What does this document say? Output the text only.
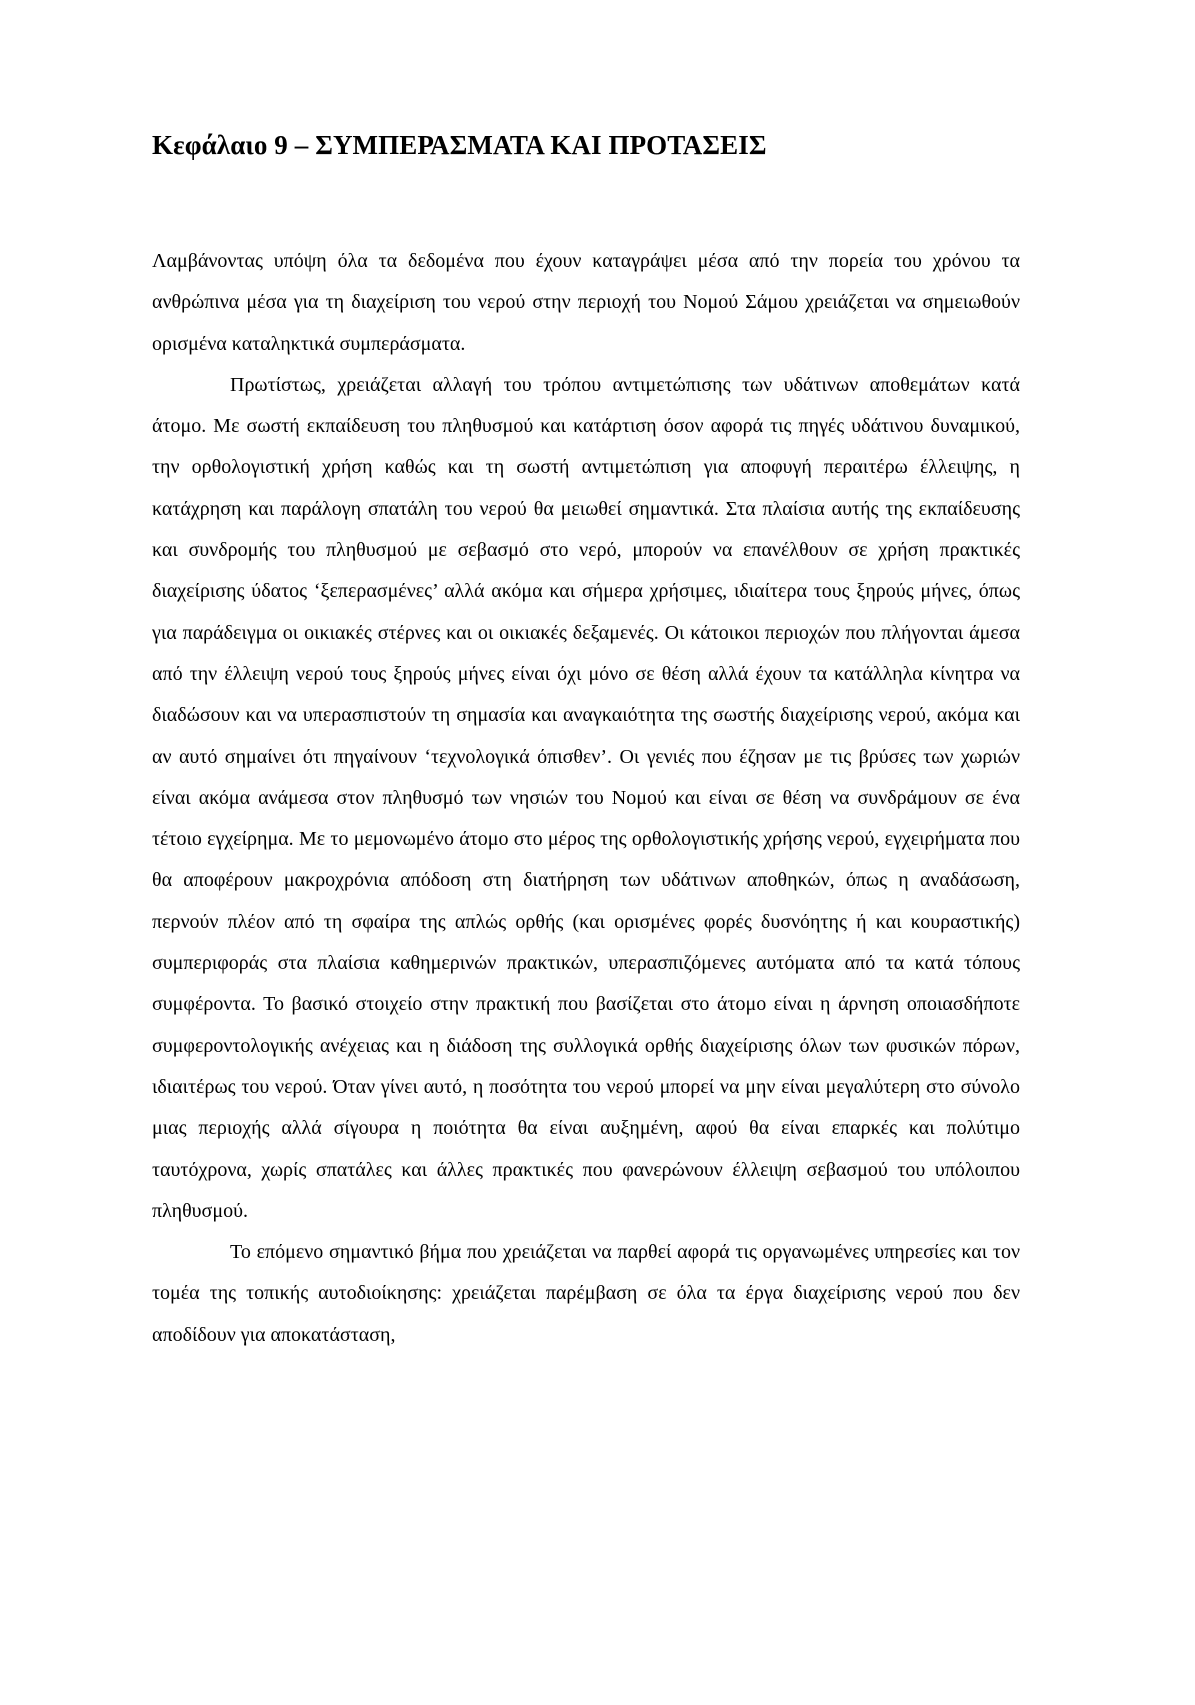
Κεφάλαιο 9 – ΣΥΜΠΕΡΑΣΜΑΤΑ ΚΑΙ ΠΡΟΤΑΣΕΙΣ

Λαμβάνοντας υπόψη όλα τα δεδομένα που έχουν καταγράψει μέσα από την πορεία του χρόνου τα ανθρώπινα μέσα για τη διαχείριση του νερού στην περιοχή του Νομού Σάμου χρειάζεται να σημειωθούν ορισμένα καταληκτικά συμπεράσματα.

Πρωτίστως, χρειάζεται αλλαγή του τρόπου αντιμετώπισης των υδάτινων αποθεμάτων κατά άτομο. Με σωστή εκπαίδευση του πληθυσμού και κατάρτιση όσον αφορά τις πηγές υδάτινου δυναμικού, την ορθολογιστική χρήση καθώς και τη σωστή αντιμετώπιση για αποφυγή περαιτέρω έλλειψης, η κατάχρηση και παράλογη σπατάλη του νερού θα μειωθεί σημαντικά. Στα πλαίσια αυτής της εκπαίδευσης και συνδρομής του πληθυσμού με σεβασμό στο νερό, μπορούν να επανέλθουν σε χρήση πρακτικές διαχείρισης ύδατος ‘ξεπερασμένες’ αλλά ακόμα και σήμερα χρήσιμες, ιδιαίτερα τους ξηρούς μήνες, όπως για παράδειγμα οι οικιακές στέρνες και οι οικιακές δεξαμενές. Οι κάτοικοι περιοχών που πλήγονται άμεσα από την έλλειψη νερού τους ξηρούς μήνες είναι όχι μόνο σε θέση αλλά έχουν τα κατάλληλα κίνητρα να διαδώσουν και να υπερασπιστούν τη σημασία και αναγκαιότητα της σωστής διαχείρισης νερού, ακόμα και αν αυτό σημαίνει ότι πηγαίνουν ‘τεχνολογικά όπισθεν’. Οι γενιές που έζησαν με τις βρύσες των χωριών είναι ακόμα ανάμεσα στον πληθυσμό των νησιών του Νομού και είναι σε θέση να συνδράμουν σε ένα τέτοιο εγχείρημα. Με το μεμονωμένο άτομο στο μέρος της ορθολογιστικής χρήσης νερού, εγχειρήματα που θα αποφέρουν μακροχρόνια απόδοση στη διατήρηση των υδάτινων αποθηκών, όπως η αναδάσωση, περνούν πλέον από τη σφαίρα της απλώς ορθής (και ορισμένες φορές δυσνόητης ή και κουραστικής) συμπεριφοράς στα πλαίσια καθημερινών πρακτικών, υπερασπιζόμενες αυτόματα από τα κατά τόπους συμφέροντα. Το βασικό στοιχείο στην πρακτική που βασίζεται στο άτομο είναι η άρνηση οποιασδήποτε συμφεροντολογικής ανέχειας και η διάδοση της συλλογικά ορθής διαχείρισης όλων των φυσικών πόρων, ιδιαιτέρως του νερού. Όταν γίνει αυτό, η ποσότητα του νερού μπορεί να μην είναι μεγαλύτερη στο σύνολο μιας περιοχής αλλά σίγουρα η ποιότητα θα είναι αυξημένη, αφού θα είναι επαρκές και πολύτιμο ταυτόχρονα, χωρίς σπατάλες και άλλες πρακτικές που φανερώνουν έλλειψη σεβασμού του υπόλοιπου πληθυσμού.

Το επόμενο σημαντικό βήμα που χρειάζεται να παρθεί αφορά τις οργανωμένες υπηρεσίες και τον τομέα της τοπικής αυτοδιοίκησης: χρειάζεται παρέμβαση σε όλα τα έργα διαχείρισης νερού που δεν αποδίδουν για αποκατάσταση,
